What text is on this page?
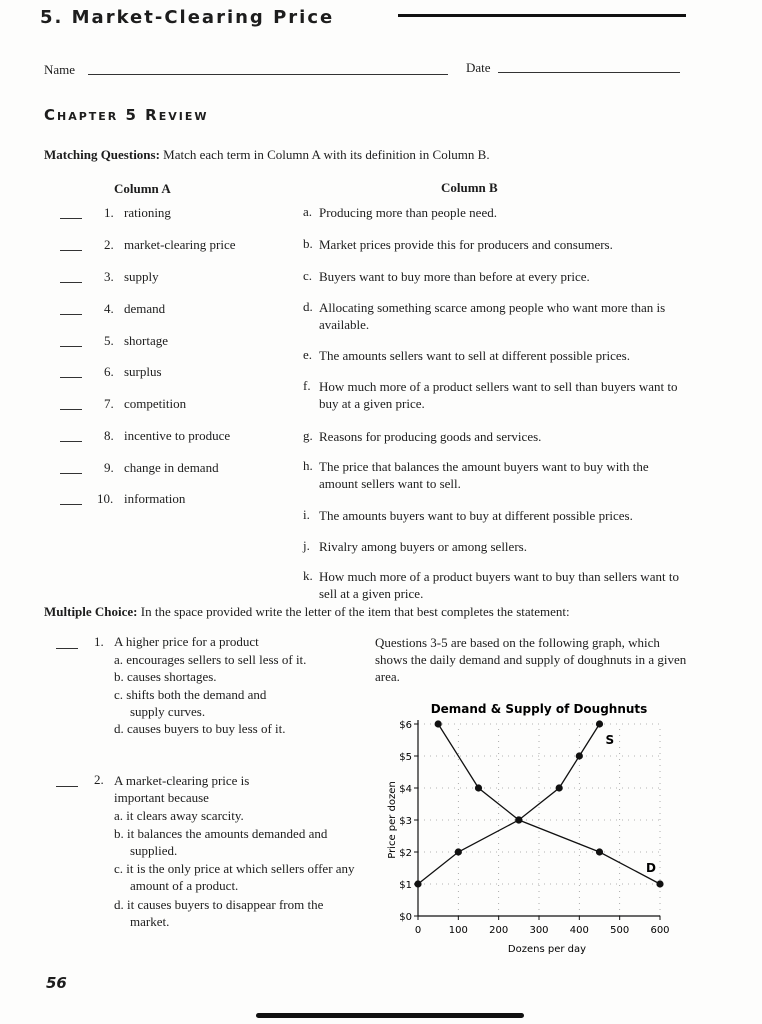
5. Market-Clearing Price
Name	Date
Chapter 5 Review
Matching Questions: Match each term in Column A with its definition in Column B.
Column A	Column B
1. rationing
2. market-clearing price
3. supply
4. demand
5. shortage
6. surplus
7. competition
8. incentive to produce
9. change in demand
10. information
a. Producing more than people need.
b. Market prices provide this for producers and consumers.
c. Buyers want to buy more than before at every price.
d. Allocating something scarce among people who want more than is available.
e. The amounts sellers want to sell at different possible prices.
f. How much more of a product sellers want to sell than buyers want to buy at a given price.
g. Reasons for producing goods and services.
h. The price that balances the amount buyers want to buy with the amount sellers want to sell.
i. The amounts buyers want to buy at different possible prices.
j. Rivalry among buyers or among sellers.
k. How much more of a product buyers want to buy than sellers want to sell at a given price.
Multiple Choice: In the space provided write the letter of the item that best completes the statement:
1. A higher price for a product
a. encourages sellers to sell less of it.
b. causes shortages.
c. shifts both the demand and supply curves.
d. causes buyers to buy less of it.
2. A market-clearing price is important because
a. it clears away scarcity.
b. it balances the amounts demanded and supplied.
c. it is the only price at which sellers offer any amount of a product.
d. it causes buyers to disappear from the market.
Questions 3-5 are based on the following graph, which shows the daily demand and supply of doughnuts in a given area.
Demand & Supply of Doughnuts
0	100 200 300 400 500 600
$0
$1
$2
$3
$4
$5
$6
Dozens per day
Price per dozen
S
D
56
